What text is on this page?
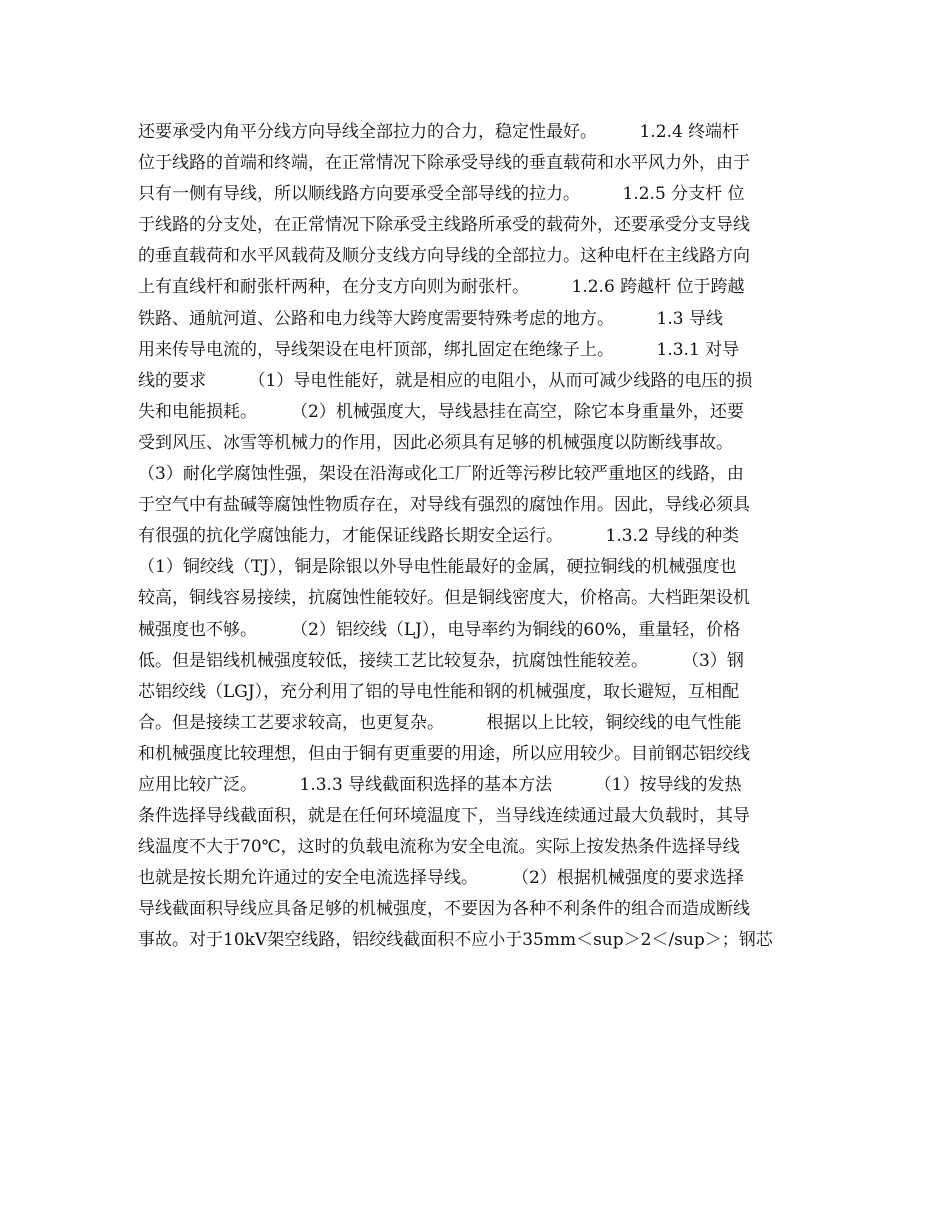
还要承受内角平分线方向导线全部拉力的合力，稳定性最好。　　　1.2.4 终端杆
位于线路的首端和终端，在正常情况下除承受导线的垂直载荷和水平风力外，由于
只有一侧有导线，所以顺线路方向要承受全部导线的拉力。　　　1.2.5 分支杆 位
于线路的分支处，在正常情况下除承受主线路所承受的载荷外，还要承受分支导线
的垂直载荷和水平风载荷及顺分支线方向导线的全部拉力。这种电杆在主线路方向
上有直线杆和耐张杆两种，在分支方向则为耐张杆。　　　1.2.6 跨越杆 位于跨越
铁路、通航河道、公路和电力线等大跨度需要特殊考虑的地方。　　　1.3 导线
用来传导电流的，导线架设在电杆顶部，绑扎固定在绝缘子上。　　　1.3.1 对导
线的要求　　　（1）导电性能好，就是相应的电阻小，从而可减少线路的电压的损
失和电能损耗。　　　（2）机械强度大，导线悬挂在高空，除它本身重量外，还要
受到风压、冰雪等机械力的作用，因此必须具有足够的机械强度以防断线事故。
（3）耐化学腐蚀性强，架设在沿海或化工厂附近等污秽比较严重地区的线路，由
于空气中有盐碱等腐蚀性物质存在，对导线有强烈的腐蚀作用。因此，导线必须具
有很强的抗化学腐蚀能力，才能保证线路长期安全运行。　　　1.3.2 导线的种类
（1）铜绞线（TJ），铜是除银以外导电性能最好的金属，硬拉铜线的机械强度也
较高，铜线容易接续，抗腐蚀性能较好。但是铜线密度大，价格高。大档距架设机
械强度也不够。　　　（2）铝绞线（LJ），电导率约为铜线的60%，重量轻，价格
低。但是铝线机械强度较低，接续工艺比较复杂，抗腐蚀性能较差。　　　（3）钢
芯铝绞线（LGJ），充分利用了铝的导电性能和钢的机械强度，取长避短，互相配
合。但是接续工艺要求较高，也更复杂。　　　根据以上比较，铜绞线的电气性能
和机械强度比较理想，但由于铜有更重要的用途，所以应用较少。目前钢芯铝绞线
应用比较广泛。　　　1.3.3 导线截面积选择的基本方法　　　（1）按导线的发热
条件选择导线截面积，就是在任何环境温度下，当导线连续通过最大负载时，其导
线温度不大于70℃，这时的负载电流称为安全电流。实际上按发热条件选择导线
也就是按长期允许通过的安全电流选择导线。　　　（2）根据机械强度的要求选择
导线截面积导线应具备足够的机械强度，不要因为各种不利条件的组合而造成断线
事故。对于10kV架空线路，铝绞线截面积不应小于35mm＜sup＞2＜/sup＞；钢芯
